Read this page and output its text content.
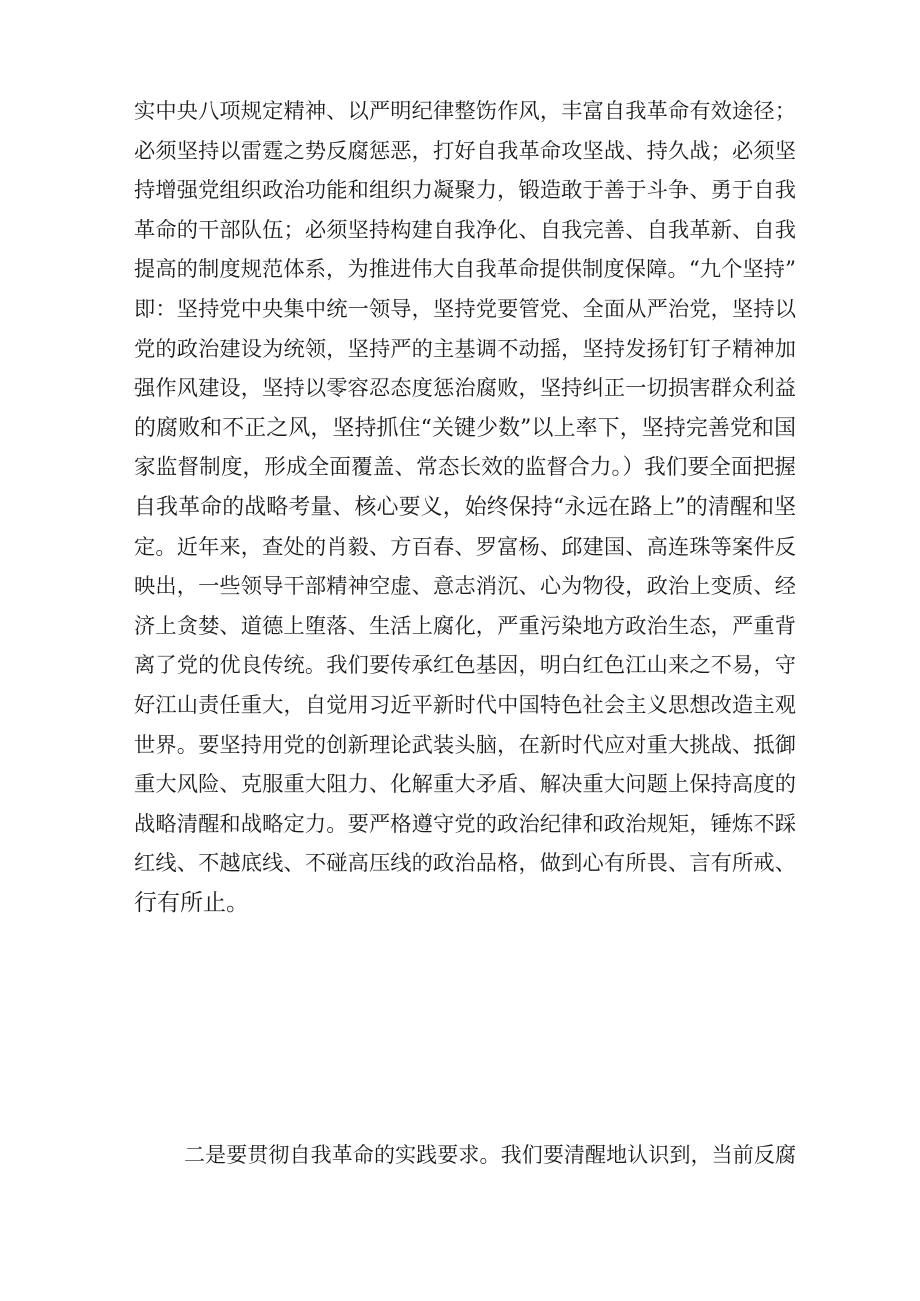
实中央八项规定精神、以严明纪律整饬作风，丰富自我革命有效途径；
必须坚持以雷霆之势反腐惩恶，打好自我革命攻坚战、持久战；必须坚
持增强党组织政治功能和组织力凝聚力，锻造敢于善于斗争、勇于自我
革命的干部队伍；必须坚持构建自我净化、自我完善、自我革新、自我
提高的制度规范体系，为推进伟大自我革命提供制度保障。“九个坚持”
即：坚持党中央集中统一领导，坚持党要管党、全面从严治党，坚持以
党的政治建设为统领，坚持严的主基调不动摇，坚持发扬钉钉子精神加
强作风建设，坚持以零容忍态度惩治腐败，坚持纠正一切损害群众利益
的腐败和不正之风，坚持抓住“关键少数”以上率下，坚持完善党和国
家监督制度，形成全面覆盖、常态长效的监督合力。）我们要全面把握
自我革命的战略考量、核心要义，始终保持“永远在路上”的清醒和坚
定。近年来，查处的肖毅、方百春、罗富杨、邱建国、高连珠等案件反
映出，一些领导干部精神空虚、意志消沉、心为物役，政治上变质、经
济上贪婪、道德上堕落、生活上腐化，严重污染地方政治生态，严重背
离了党的优良传统。我们要传承红色基因，明白红色江山来之不易，守
好江山责任重大，自觉用习近平新时代中国特色社会主义思想改造主观
世界。要坚持用党的创新理论武装头脑，在新时代应对重大挑战、抵御
重大风险、克服重大阻力、化解重大矛盾、解决重大问题上保持高度的
战略清醒和战略定力。要严格遵守党的政治纪律和政治规矩，锤炼不踩
红线、不越底线、不碰高压线的政治品格，做到心有所畏、言有所戒、
行有所止。
二是要贯彻自我革命的实践要求。我们要清醒地认识到，当前反腐
